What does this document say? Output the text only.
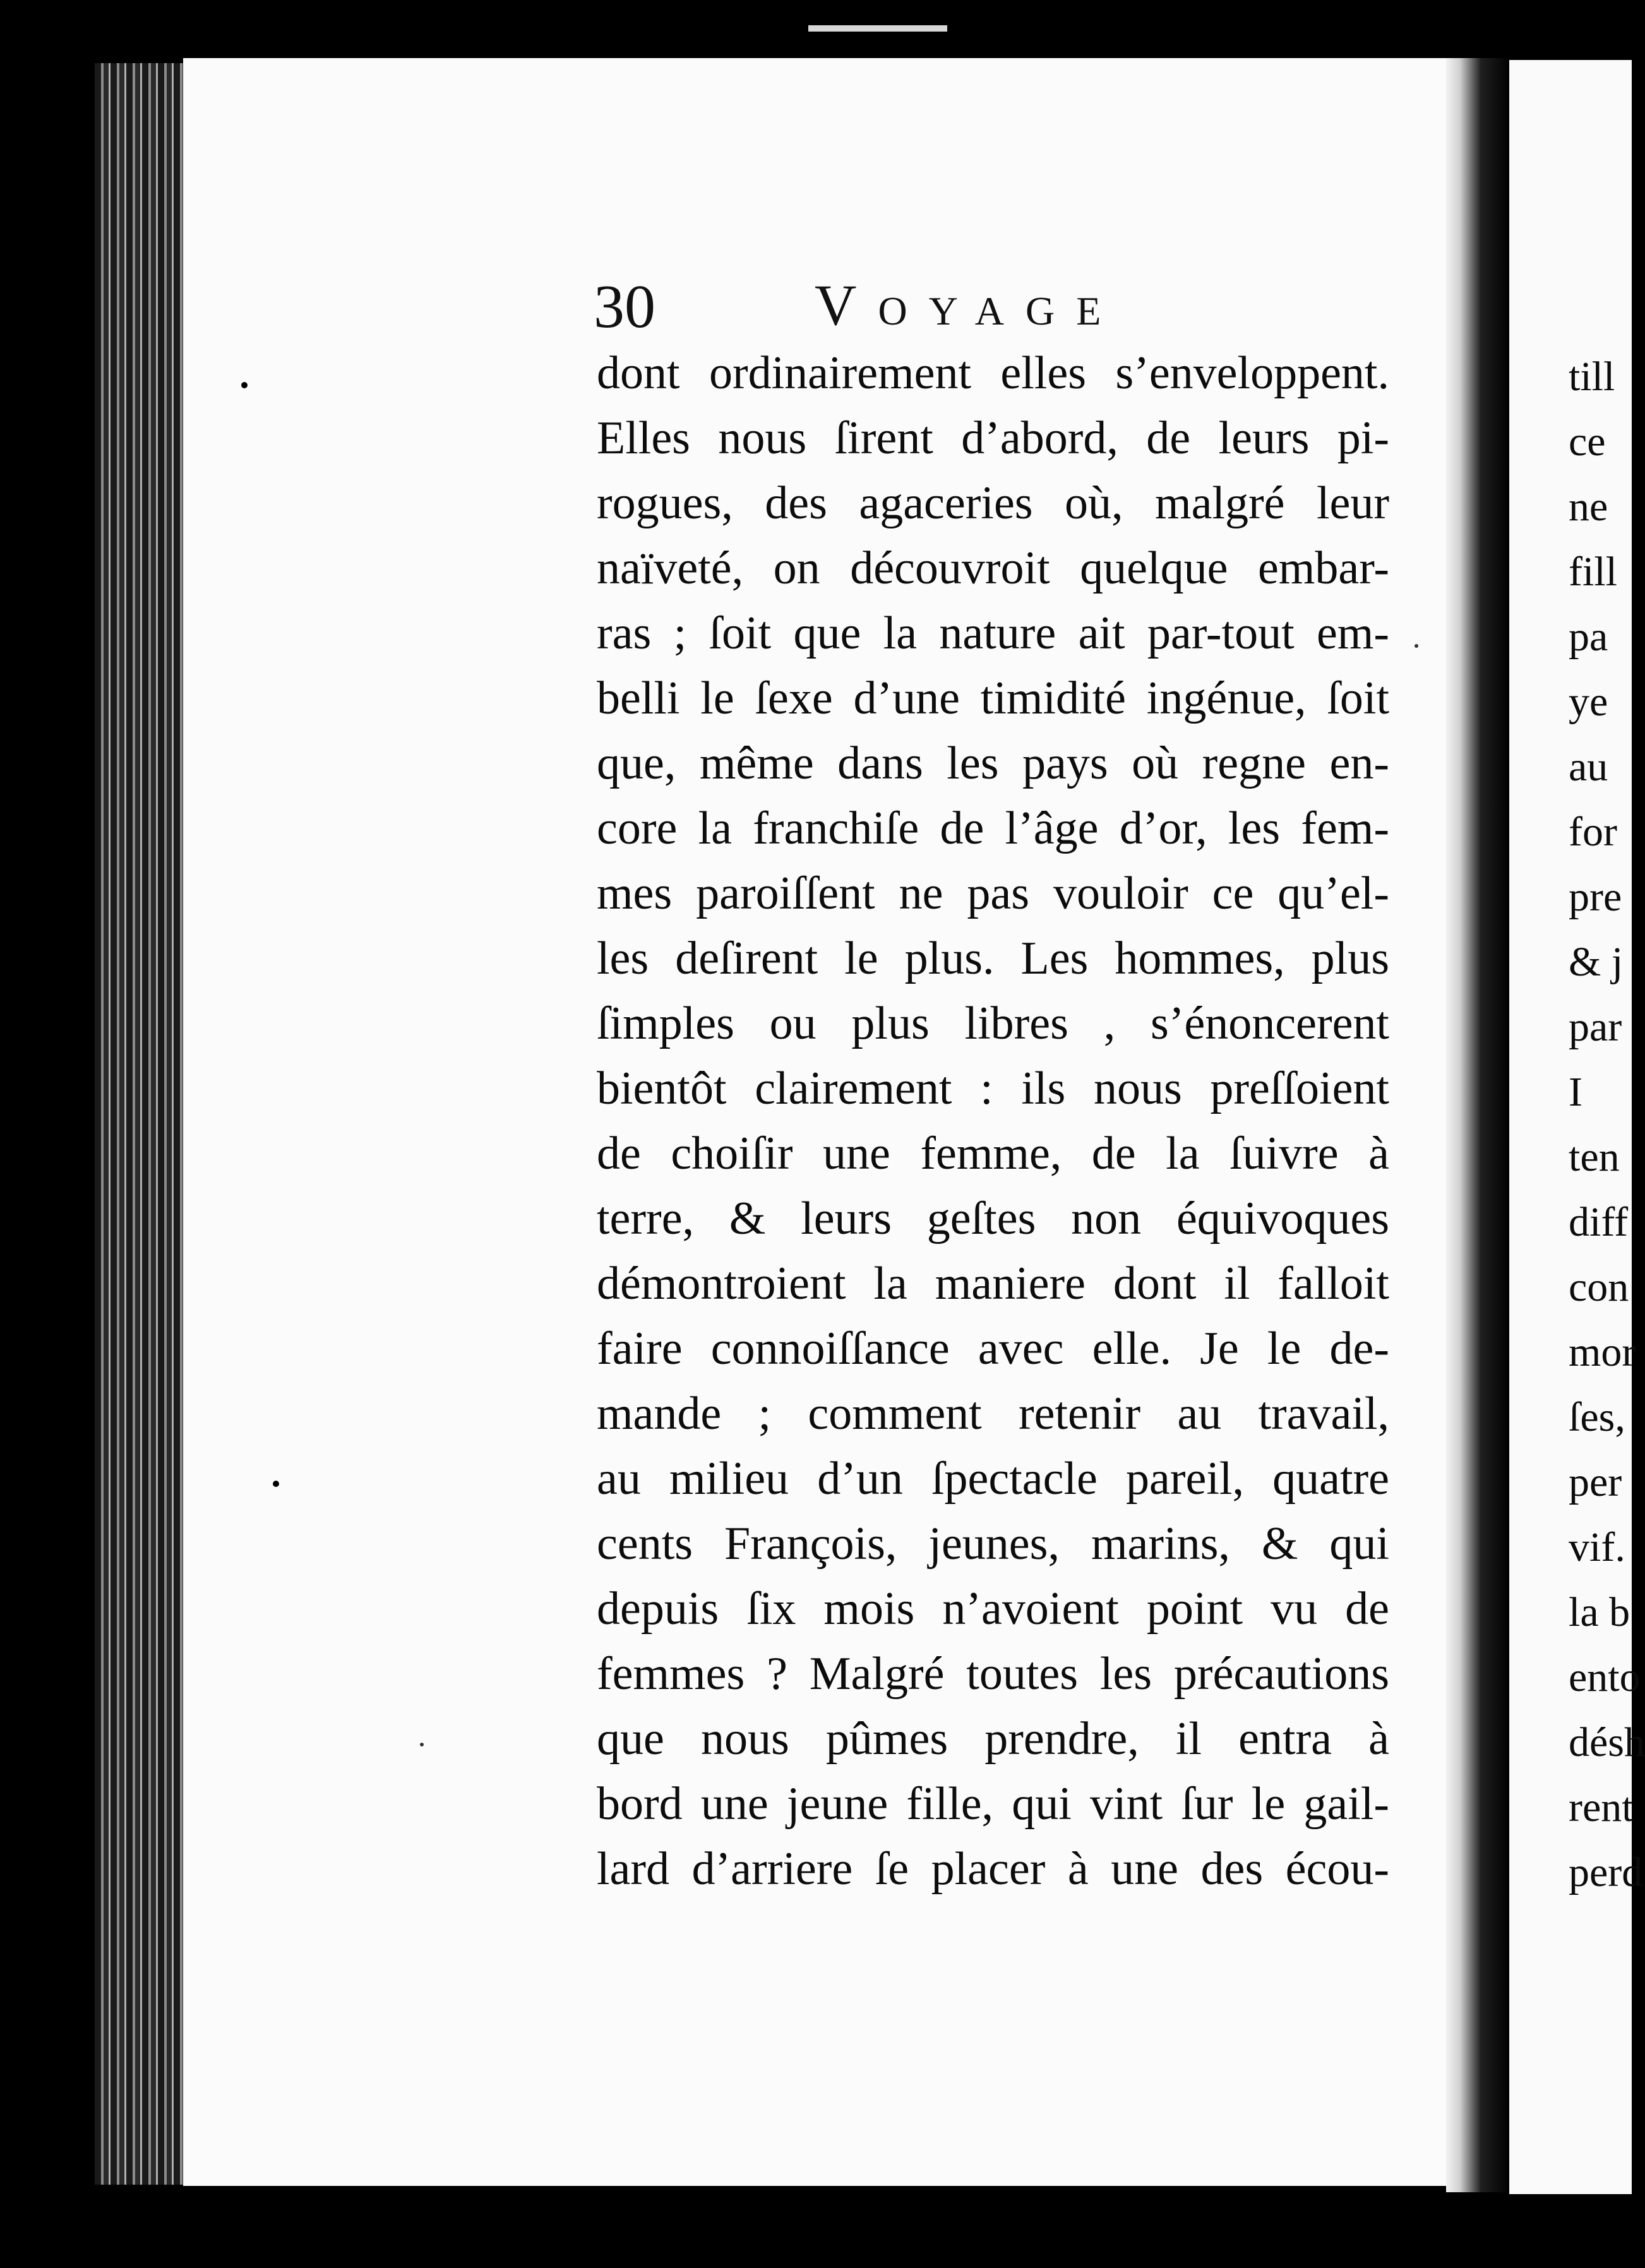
30	Voyage
dont ordinairement elles s’enveloppent.
Elles nous ſirent d’abord, de leurs pi-
rogues, des agaceries où, malgré leur
naïveté, on découvroit quelque embar-
ras ; ſoit que la nature ait par-tout em-
belli le ſexe d’une timidité ingénue, ſoit
que, même dans les pays où regne en-
core la franchiſe de l’âge d’or, les fem-
mes paroiſſent ne pas vouloir ce qu’el-
les deſirent le plus. Les hommes, plus
ſimples ou plus libres , s’énoncerent
bientôt clairement : ils nous preſſoient
de choiſir une femme, de la ſuivre à
terre, & leurs geſtes non équivoques
démontroient la maniere dont il falloit
faire connoiſſance avec elle. Je le de-
mande ; comment retenir au travail,
au milieu d’un ſpectacle pareil, quatre
cents François, jeunes, marins, & qui
depuis ſix mois n’avoient point vu de
femmes ? Malgré toutes les précautions
que nous pûmes prendre, il entra à
bord une jeune fille, qui vint ſur le gail-
lard d’arriere ſe placer à une des écou-
till
ce
ne
fill
pa
ye
au
for
pre
& j
par
I
ten
diff
con
mor
ſes,
per
vif.
la b
ento
désh
rent
perd
